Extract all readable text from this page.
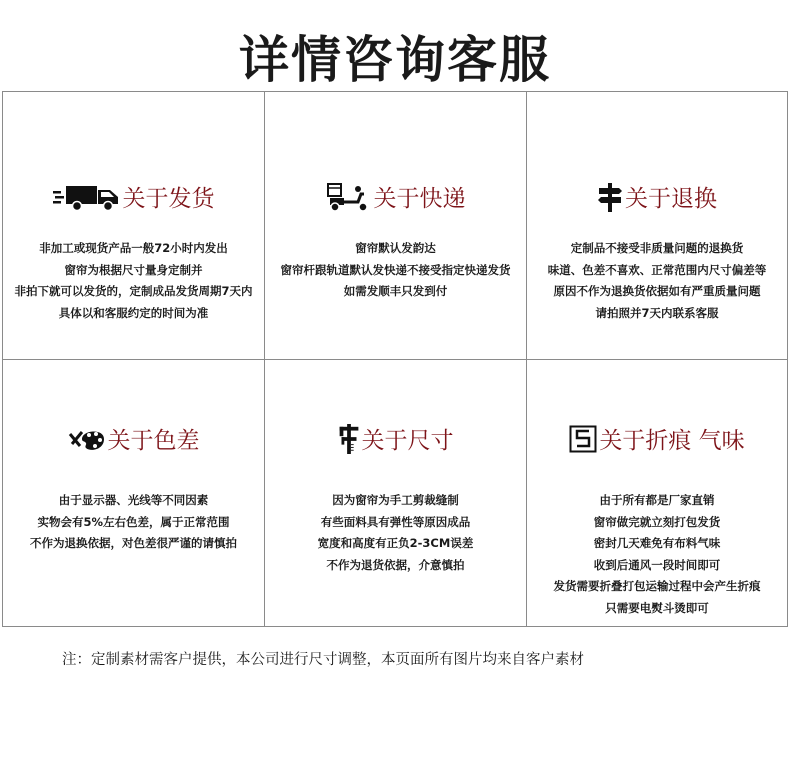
详情咨询客服
关于发货
非加工或现货产品一般72小时内发出
窗帘为根据尺寸量身定制并
非拍下就可以发货的，定制成品发货周期7天内
具体以和客服约定的时间为准
关于快递
窗帘默认发韵达
窗帘杆跟轨道默认发快递不接受指定快递发货
如需发顺丰只发到付
关于退换
定制品不接受非质量问题的退换货
味道、色差不喜欢、正常范围内尺寸偏差等
原因不作为退换货依据如有严重质量问题
请拍照并7天内联系客服
关于色差
由于显示器、光线等不同因素
实物会有5%左右色差，属于正常范围
不作为退换依据，对色差很严谨的请慎拍
关于尺寸
因为窗帘为手工剪裁缝制
有些面料具有弹性等原因成品
宽度和高度有正负2-3CM误差
不作为退货依据，介意慎拍
关于折痕 气味
由于所有都是厂家直销
窗帘做完就立刻打包发货
密封几天难免有布料气味
收到后通风一段时间即可
发货需要折叠打包运输过程中会产生折痕
只需要电熨斗烫即可
注：定制素材需客户提供，本公司进行尺寸调整，本页面所有图片均来自客户素材
